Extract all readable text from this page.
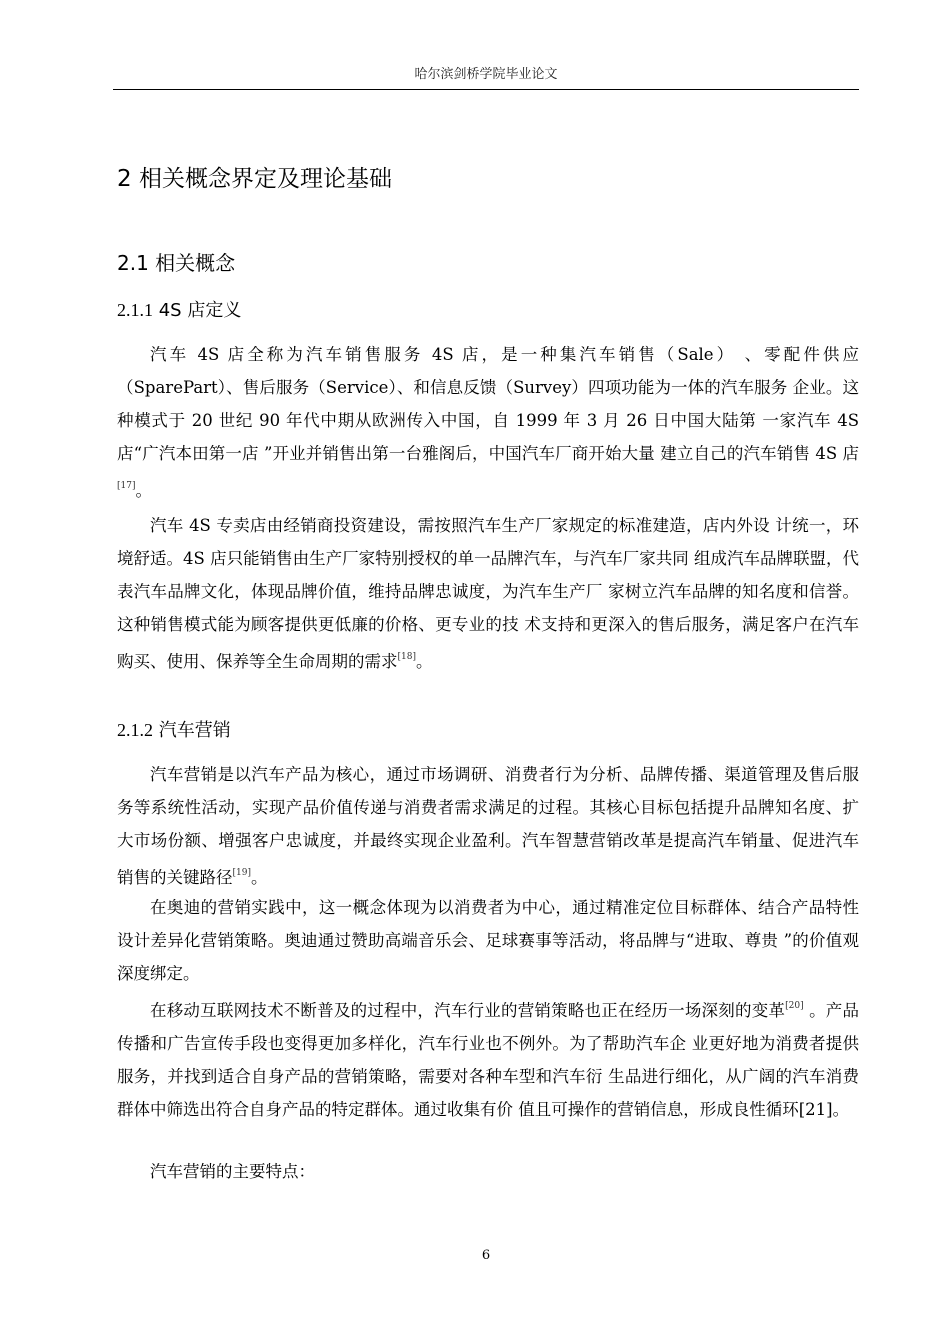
哈尔滨剑桥学院毕业论文
2 相关概念界定及理论基础
2.1 相关概念
2.1.1 4S 店定义

汽车 4S 店全称为汽车销售服务 4S 店，是一种集汽车销售（Sale） 、零配件供应 （SparePart）、售后服务（Service）、和信息反馈（Survey）四项功能为一体的汽车服务 企业。这种模式于 20 世纪 90 年代中期从欧洲传入中国，自 1999 年 3 月 26 日中国大陆第 一家汽车 4S 店“广汽本田第一店 ”开业并销售出第一台雅阁后，中国汽车厂商开始大量 建立自己的汽车销售 4S 店[17]。

汽车 4S 专卖店由经销商投资建设，需按照汽车生产厂家规定的标准建造，店内外设 计统一，环境舒适。4S 店只能销售由生产厂家特别授权的单一品牌汽车，与汽车厂家共同 组成汽车品牌联盟，代表汽车品牌文化，体现品牌价值，维持品牌忠诚度，为汽车生产厂 家树立汽车品牌的知名度和信誉。这种销售模式能为顾客提供更低廉的价格、更专业的技 术支持和更深入的售后服务，满足客户在汽车购买、使用、保养等全生命周期的需求[18]。

2.1.2 汽车营销

汽车营销是以汽车产品为核心，通过市场调研、消费者行为分析、品牌传播、渠道管理及售后服务等系统性活动，实现产品价值传递与消费者需求满足的过程。其核心目标包括提升品牌知名度、扩大市场份额、增强客户忠诚度，并最终实现企业盈利。汽车智慧营销改革是提高汽车销量、促进汽车销售的关键路径[19]。

在奥迪的营销实践中，这一概念体现为以消费者为中心，通过精准定位目标群体、结合产品特性设计差异化营销策略。奥迪通过赞助高端音乐会、足球赛事等活动，将品牌与“进取、尊贵 ”的价值观深度绑定。

在移动互联网技术不断普及的过程中，汽车行业的营销策略也正在经历一场深刻的变革[20] 。产品传播和广告宣传手段也变得更加多样化，汽车行业也不例外。为了帮助汽车企 业更好地为消费者提供服务，并找到适合自身产品的营销策略，需要对各种车型和汽车衍 生品进行细化，从广阔的汽车消费群体中筛选出符合自身产品的特定群体。通过收集有价 值且可操作的营销信息，形成良性循环[21]。

汽车营销的主要特点：

6
